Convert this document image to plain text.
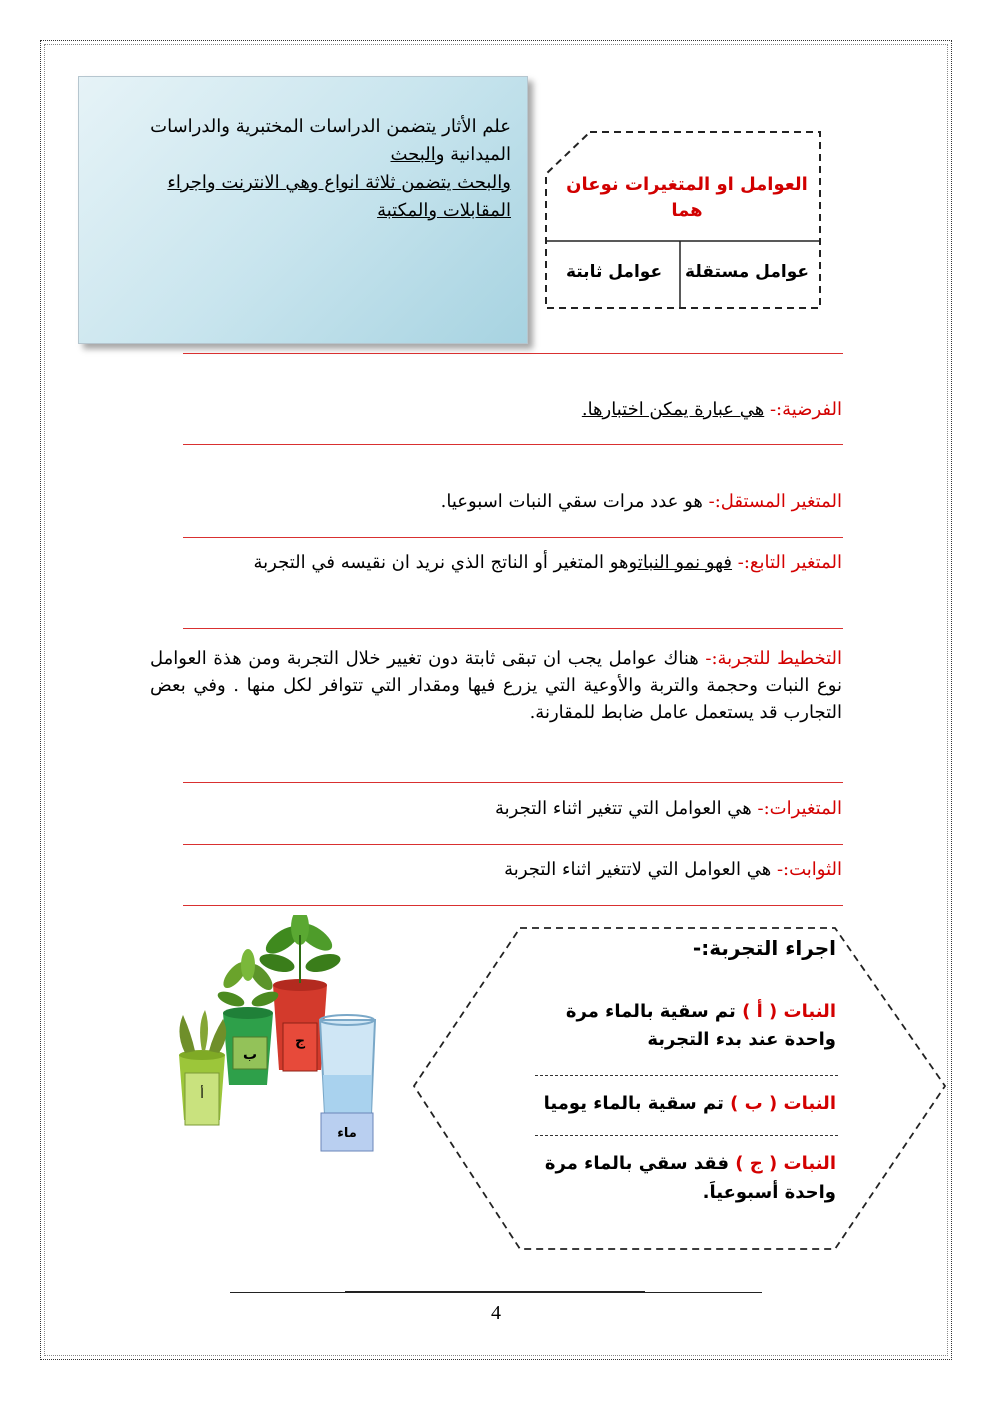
علم الأثار يتضمن الدراسات المختبرية والدراسات
الميدانية والبحث
والبحث يتضمن ثلاثة انواع وهي الانترنت واجراء
المقابلات والمكتبة
العوامل او المتغيرات نوعان هما
عوامل مستقلة
عوامل ثابتة
الفرضية:- هي عبارة يمكن اختبارها.
المتغير المستقل:- هو عدد مرات سقي النبات اسبوعيا.
المتغير التابع:- فهو نمو النباتوهو المتغير أو الناتج الذي نريد ان نقيسه في التجربة
التخطيط للتجربة:- هناك عوامل يجب ان تبقى ثابتة دون تغيير خلال التجربة ومن هذة العوامل نوع النبات وحجمة والتربة والأوعية التي يزرع فيها ومقدار التي تتوافر لكل منها . وفي بعض التجارب قد يستعمل عامل ضابط للمقارنة.
المتغيرات:- هي العوامل التي تتغير اثناء التجربة
الثوابت:- هي العوامل التي لاتتغير اثناء التجربة
ب
ج
أ
ماء
اجراء التجربة:-
النبات ( أ ) تم سقية بالماء مرة
واحدة عند بدء التجربة
النبات ( ب ) تم سقية بالماء يوميا
النبات ( ج ) فقد سقي بالماء مرة
واحدة أسبوعياَ.
4
